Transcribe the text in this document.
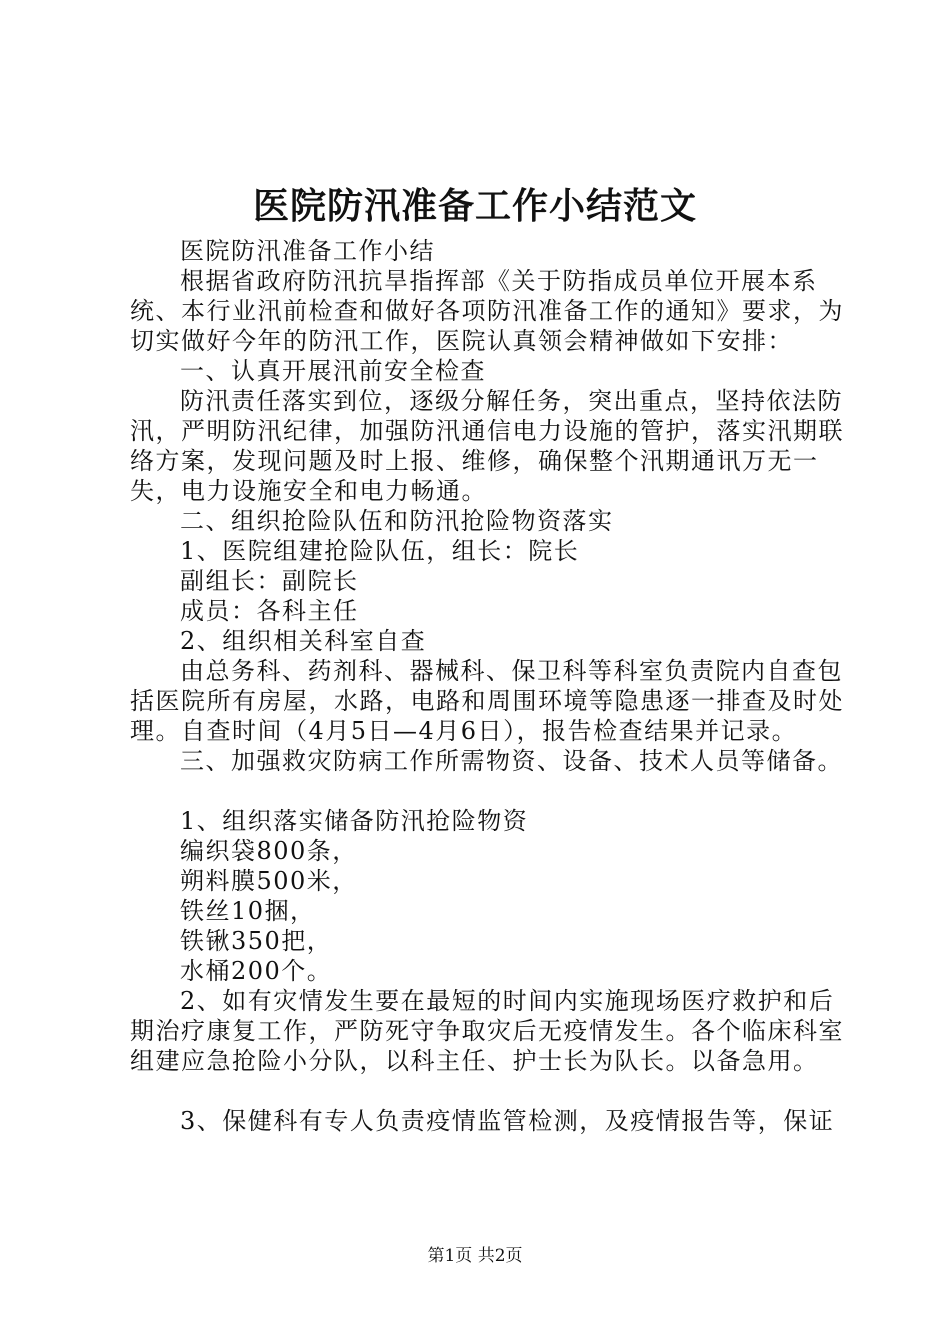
医院防汛准备工作小结范文

医院防汛准备工作小结

根据省政府防汛抗旱指挥部《关于防指成员单位开展本系统、本行业汛前检查和做好各项防汛准备工作的通知》要求，为切实做好今年的防汛工作，医院认真领会精神做如下安排：

一、认真开展汛前安全检查

防汛责任落实到位，逐级分解任务，突出重点，坚持依法防汛，严明防汛纪律，加强防汛通信电力设施的管护，落实汛期联络方案，发现问题及时上报、维修，确保整个汛期通讯万无一失，电力设施安全和电力畅通。

二、组织抢险队伍和防汛抢险物资落实

1、医院组建抢险队伍，组长：院长

副组长：副院长

成员：各科主任

2、组织相关科室自查

由总务科、药剂科、器械科、保卫科等科室负责院内自查包括医院所有房屋，水路，电路和周围环境等隐患逐一排查及时处理。自查时间（4月5日—4月6日），报告检查结果并记录。

三、加强救灾防病工作所需物资、设备、技术人员等储备。

1、组织落实储备防汛抢险物资

编织袋800条，

朔料膜500米，

铁丝10捆，

铁锹350把，

水桶200个。

2、如有灾情发生要在最短的时间内实施现场医疗救护和后期治疗康复工作，严防死守争取灾后无疫情发生。各个临床科室组建应急抢险小分队，以科主任、护士长为队长。以备急用。

3、保健科有专人负责疫情监管检测，及疫情报告等，保证

第1页 共2页
